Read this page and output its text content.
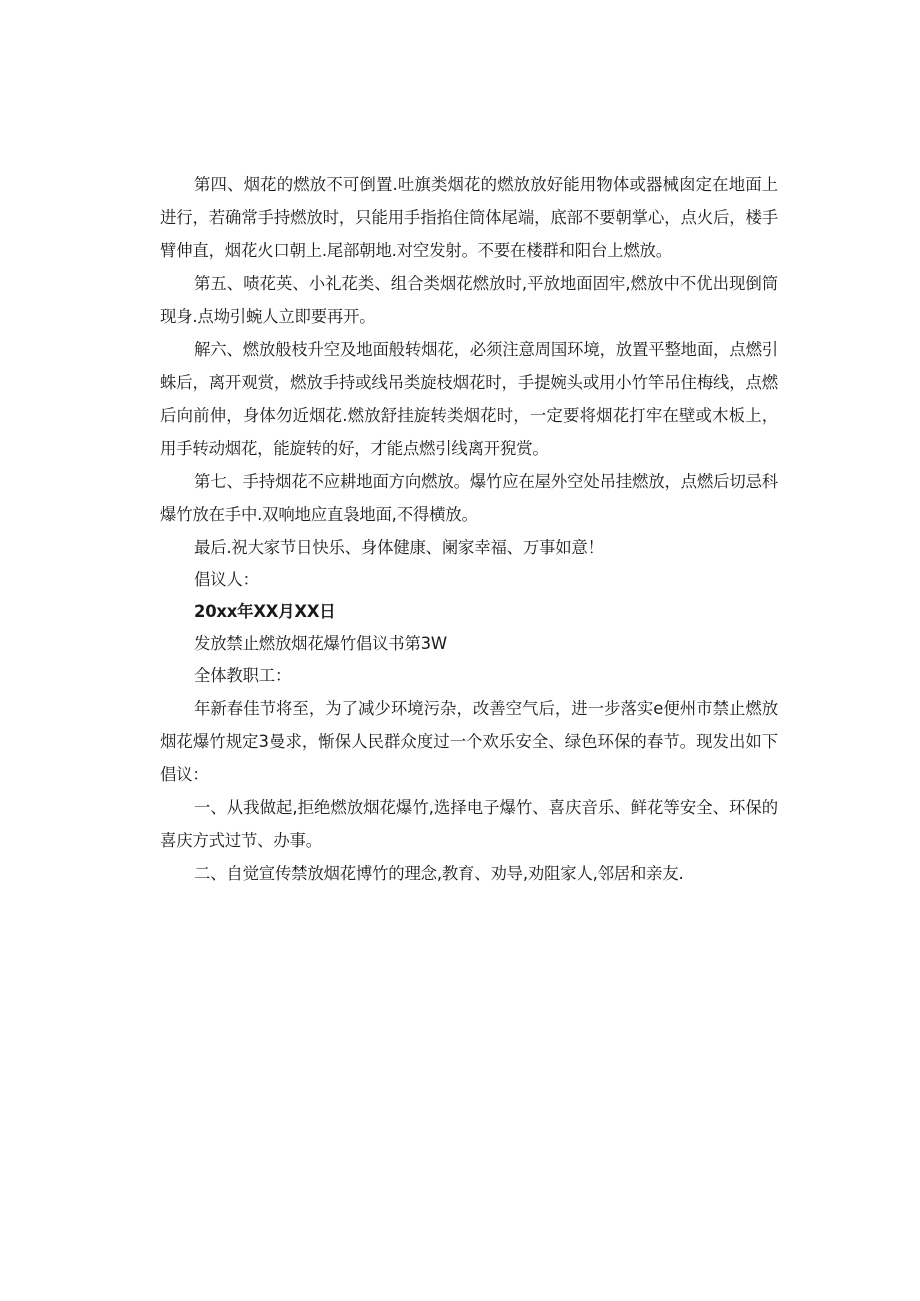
第四、烟花的燃放不可倒置.吐旗类烟花的燃放放好能用物体或器械囱定在地面上进行，若确常手持燃放时，只能用手指掐住筒体尾端，底部不要朝掌心，点火后，楼手臂伸直，烟花火口朝上.尾部朝地.对空发射。不要在楼群和阳台上燃放。

第五、啧花英、小礼花类、组合类烟花燃放时,平放地面固牢,燃放中不优出现倒筒现身.点坳引蜿人立即要再开。

解六、燃放般枝升空及地面般转烟花，必须注意周国环境，放置平整地面，点燃引蛛后，离开观赏，燃放手持或线吊类旋枝烟花时，手提婉头或用小竹竿吊住梅线，点燃后向前伸，身体勿近烟花.燃放舒挂旋转类烟花时，一定要将烟花打牢在壁或木板上，用手转动烟花，能旋转的好，才能点燃引线离开猊赏。

第七、手持烟花不应耕地面方向燃放。爆竹应在屋外空处吊挂燃放，点燃后切忌科爆竹放在手中.双响地应直袅地面,不得横放。

最后.祝大家节日快乐、身体健康、阑家幸福、万事如意！

倡议人：

20xx年XX月XX日

发放禁止燃放烟花爆竹倡议书第3W

全体教职工：

年新春佳节将至，为了减少环境污杂，改善空气后，进一步落实e便州市禁止燃放烟花爆竹规定3曼求，惭保人民群众度过一个欢乐安全、绿色环保的春节。现发出如下倡议：

一、从我做起,拒绝燃放烟花爆竹,选择电子爆竹、喜庆音乐、鲜花等安全、环保的喜庆方式过节、办事。

二、自觉宣传禁放烟花博竹的理念,教育、劝导,劝阻家人,邻居和亲友.
